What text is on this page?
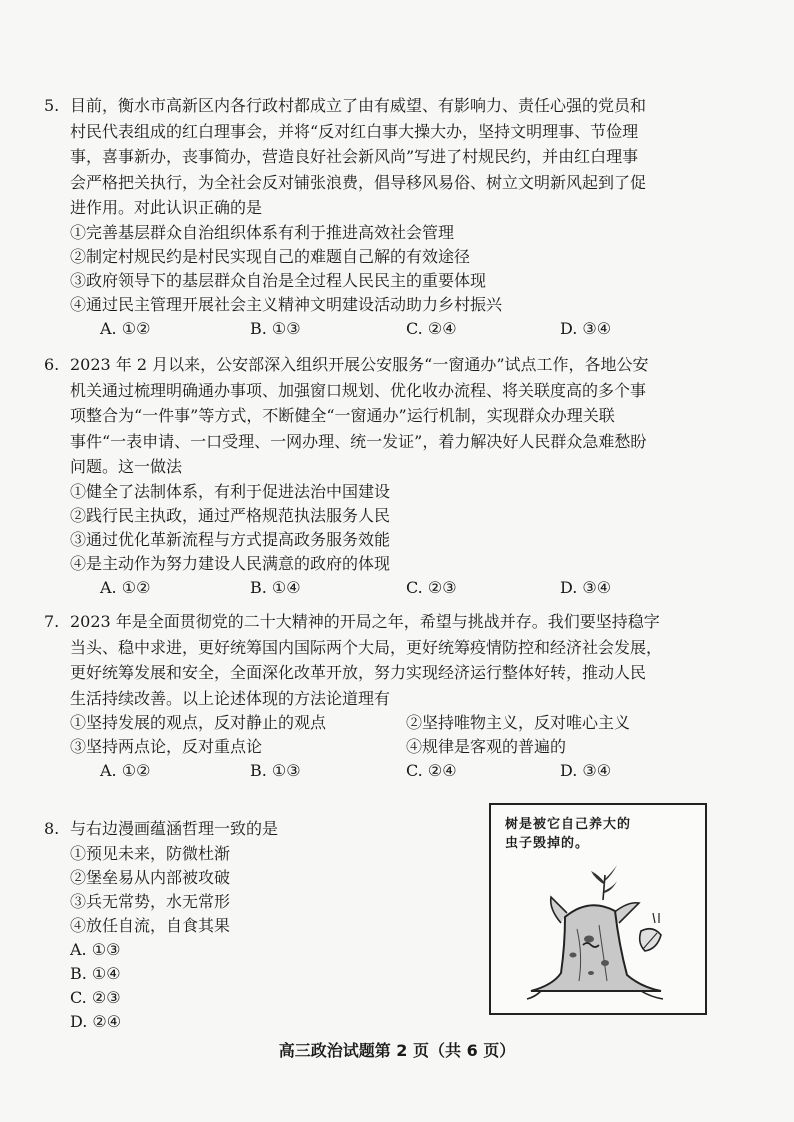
5. 目前，衡水市高新区内各行政村都成立了由有威望、有影响力、责任心强的党员和
村民代表组成的红白理事会，并将“反对红白事大操大办，坚持文明理事、节俭理
事，喜事新办，丧事简办，营造良好社会新风尚”写进了村规民约，并由红白理事
会严格把关执行，为全社会反对铺张浪费，倡导移风易俗、树立文明新风起到了促
进作用。对此认识正确的是
①完善基层群众自治组织体系有利于推进高效社会管理
②制定村规民约是村民实现自己的难题自己解的有效途径
③政府领导下的基层群众自治是全过程人民民主的重要体现
④通过民主管理开展社会主义精神文明建设活动助力乡村振兴
A. ①②	B. ①③	C. ②④	D. ③④
6. 2023 年 2 月以来，公安部深入组织开展公安服务“一窗通办”试点工作，各地公安
机关通过梳理明确通办事项、加强窗口规划、优化收办流程、将关联度高的多个事
项整合为“一件事”等方式，不断健全“一窗通办”运行机制，实现群众办理关联
事件“一表申请、一口受理、一网办理、统一发证”，着力解决好人民群众急难愁盼
问题。这一做法
①健全了法制体系，有利于促进法治中国建设
②践行民主执政，通过严格规范执法服务人民
③通过优化革新流程与方式提高政务服务效能
④是主动作为努力建设人民满意的政府的体现
A. ①②	B. ①④	C. ②③	D. ③④
7. 2023 年是全面贯彻党的二十大精神的开局之年，希望与挑战并存。我们要坚持稳字
当头、稳中求进，更好统筹国内国际两个大局，更好统筹疫情防控和经济社会发展，
更好统筹发展和安全，全面深化改革开放，努力实现经济运行整体好转，推动人民
生活持续改善。以上论述体现的方法论道理有
①坚持发展的观点，反对静止的观点	②坚持唯物主义，反对唯心主义
③坚持两点论，反对重点论	④规律是客观的普遍的
A. ①②	B. ①③	C. ②④	D. ③④
8. 与右边漫画蕴涵哲理一致的是
①预见未来，防微杜渐
②堡垒易从内部被攻破
③兵无常势，水无常形
④放任自流，自食其果
A. ①③
B. ①④
C. ②③
D. ②④
树是被它自己养大的
虫子毁掉的。
高三政治试题第 2 页（共 6 页）
